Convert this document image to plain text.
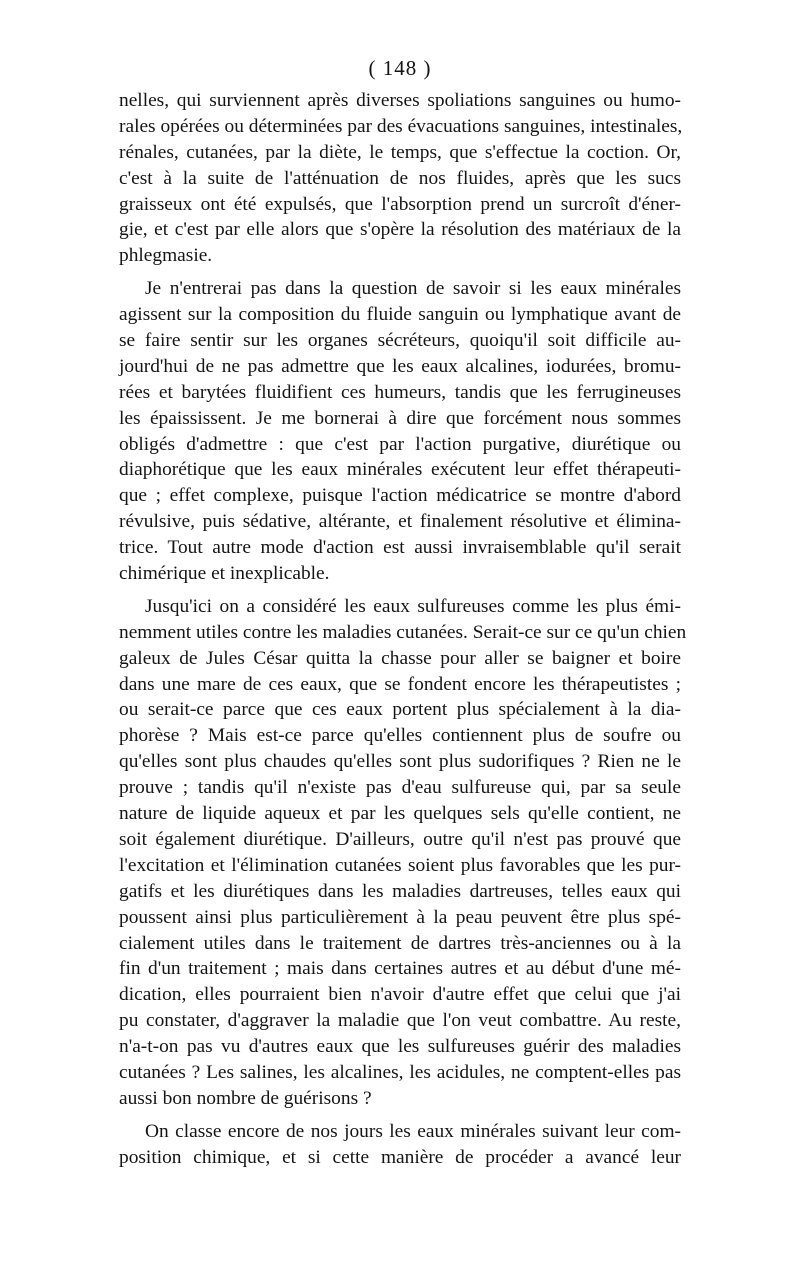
( 148 )
nelles, qui surviennent après diverses spoliations sanguines ou humo-
rales opérées ou déterminées par des évacuations sanguines, intestinales,
rénales, cutanées, par la diète, le temps, que s'effectue la coction. Or,
c'est à la suite de l'atténuation de nos fluides, après que les sucs
graisseux ont été expulsés, que l'absorption prend un surcroît d'éner-
gie, et c'est par elle alors que s'opère la résolution des matériaux de la
phlegmasie.
Je n'entrerai pas dans la question de savoir si les eaux minérales
agissent sur la composition du fluide sanguin ou lymphatique avant de
se faire sentir sur les organes sécréteurs, quoiqu'il soit difficile au-
jourd'hui de ne pas admettre que les eaux alcalines, iodurées, bromu-
rées et barytées fluidifient ces humeurs, tandis que les ferrugineuses
les épaississent. Je me bornerai à dire que forcément nous sommes
obligés d'admettre : que c'est par l'action purgative, diurétique ou
diaphorétique que les eaux minérales exécutent leur effet thérapeuti-
que ; effet complexe, puisque l'action médicatrice se montre d'abord
révulsive, puis sédative, altérante, et finalement résolutive et élimina-
trice. Tout autre mode d'action est aussi invraisemblable qu'il serait
chimérique et inexplicable.
Jusqu'ici on a considéré les eaux sulfureuses comme les plus émi-
nemment utiles contre les maladies cutanées. Serait-ce sur ce qu'un chien
galeux de Jules César quitta la chasse pour aller se baigner et boire
dans une mare de ces eaux, que se fondent encore les thérapeutistes ;
ou serait-ce parce que ces eaux portent plus spécialement à la dia-
phorèse ? Mais est-ce parce qu'elles contiennent plus de soufre ou
qu'elles sont plus chaudes qu'elles sont plus sudorifiques ? Rien ne le
prouve ; tandis qu'il n'existe pas d'eau sulfureuse qui, par sa seule
nature de liquide aqueux et par les quelques sels qu'elle contient, ne
soit également diurétique. D'ailleurs, outre qu'il n'est pas prouvé que
l'excitation et l'élimination cutanées soient plus favorables que les pur-
gatifs et les diurétiques dans les maladies dartreuses, telles eaux qui
poussent ainsi plus particulièrement à la peau peuvent être plus spé-
cialement utiles dans le traitement de dartres très-anciennes ou à la
fin d'un traitement ; mais dans certaines autres et au début d'une mé-
dication, elles pourraient bien n'avoir d'autre effet que celui que j'ai
pu constater, d'aggraver la maladie que l'on veut combattre. Au reste,
n'a-t-on pas vu d'autres eaux que les sulfureuses guérir des maladies
cutanées ? Les salines, les alcalines, les acidules, ne comptent-elles pas
aussi bon nombre de guérisons ?
On classe encore de nos jours les eaux minérales suivant leur com-
position chimique, et si cette manière de procéder a avancé leur
